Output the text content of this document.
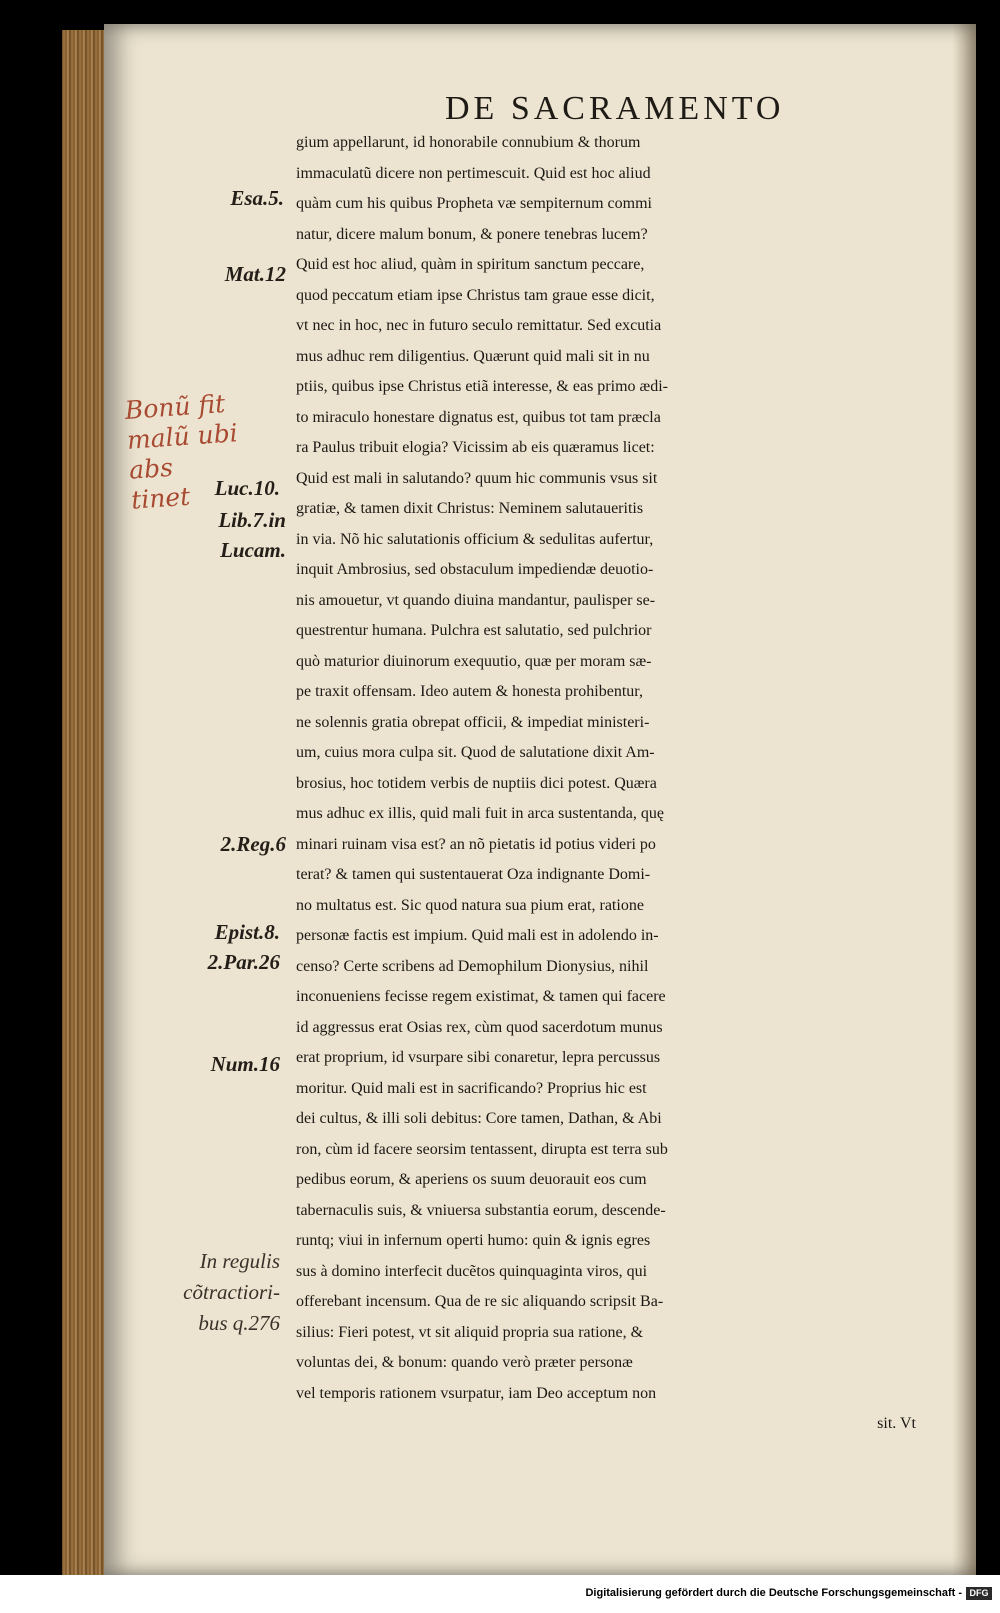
DE SACRAMENTO
gium appellarunt, id honorabile connubium & thorum
immaculatũ dicere non pertimescuit. Quid est hoc aliud
quàm cum his quibus Propheta væ sempiternum commi
natur, dicere malum bonum, & ponere tenebras lucem?
Quid est hoc aliud, quàm in spiritum sanctum peccare,
quod peccatum etiam ipse Christus tam graue esse dicit,
vt nec in hoc, nec in futuro seculo remittatur. Sed excutia
mus adhuc rem diligentius. Quærunt quid mali sit in nu
ptiis, quibus ipse Christus etiã interesse, & eas primo ædi-
to miraculo honestare dignatus est, quibus tot tam præcla
ra Paulus tribuit elogia? Vicissim ab eis quæramus licet:
Quid est mali in salutando? quum hic communis vsus sit
gratiæ, & tamen dixit Christus: Neminem salutaueritis
in via. Nõ hic salutationis officium & sedulitas aufertur,
inquit Ambrosius, sed obstaculum impediendæ deuotio-
nis amouetur, vt quando diuina mandantur, paulisper se-
questrentur humana. Pulchra est salutatio, sed pulchrior
quò maturior diuinorum exequutio, quæ per moram sæ-
pe traxit offensam. Ideo autem & honesta prohibentur,
ne solennis gratia obrepat officii, & impediat ministeri-
um, cuius mora culpa sit. Quod de salutatione dixit Am-
brosius, hoc totidem verbis de nuptiis dici potest. Quæra
mus adhuc ex illis, quid mali fuit in arca sustentanda, quę
minari ruinam visa est? an nõ pietatis id potius videri po
terat? & tamen qui sustentauerat Oza indignante Domi-
no multatus est. Sic quod natura sua pium erat, ratione
personæ factis est impium. Quid mali est in adolendo in-
censo? Certe scribens ad Demophilum Dionysius, nihil
inconueniens fecisse regem existimat, & tamen qui facere
id aggressus erat Osias rex, cùm quod sacerdotum munus
erat proprium, id vsurpare sibi conaretur, lepra percussus
moritur. Quid mali est in sacrificando? Proprius hic est
dei cultus, & illi soli debitus: Core tamen, Dathan, & Abi
ron, cùm id facere seorsim tentassent, dirupta est terra sub
pedibus eorum, & aperiens os suum deuorauit eos cum
tabernaculis suis, & vniuersa substantia eorum, descende-
runtq; viui in infernum operti humo: quin & ignis egres
sus à domino interfecit ducẽtos quinquaginta viros, qui
offerebant incensum. Qua de re sic aliquando scripsit Ba-
silius: Fieri potest, vt sit aliquid propria sua ratione, &
voluntas dei, & bonum: quando verò præter personæ
vel temporis rationem vsurpatur, iam Deo acceptum non
sit. Vt
Esa.5.
Mat.12
Luc.10.
Lib.7.in
Lucam.
2.Reg.6
Epist.8.
2.Par.26
Num.16
In regulis
cõtractiori-
bus q.276
Bonũ fit
malũ ubi
abs
tinet
Digitalisierung gefördert durch die Deutsche Forschungsgemeinschaft - DFG
